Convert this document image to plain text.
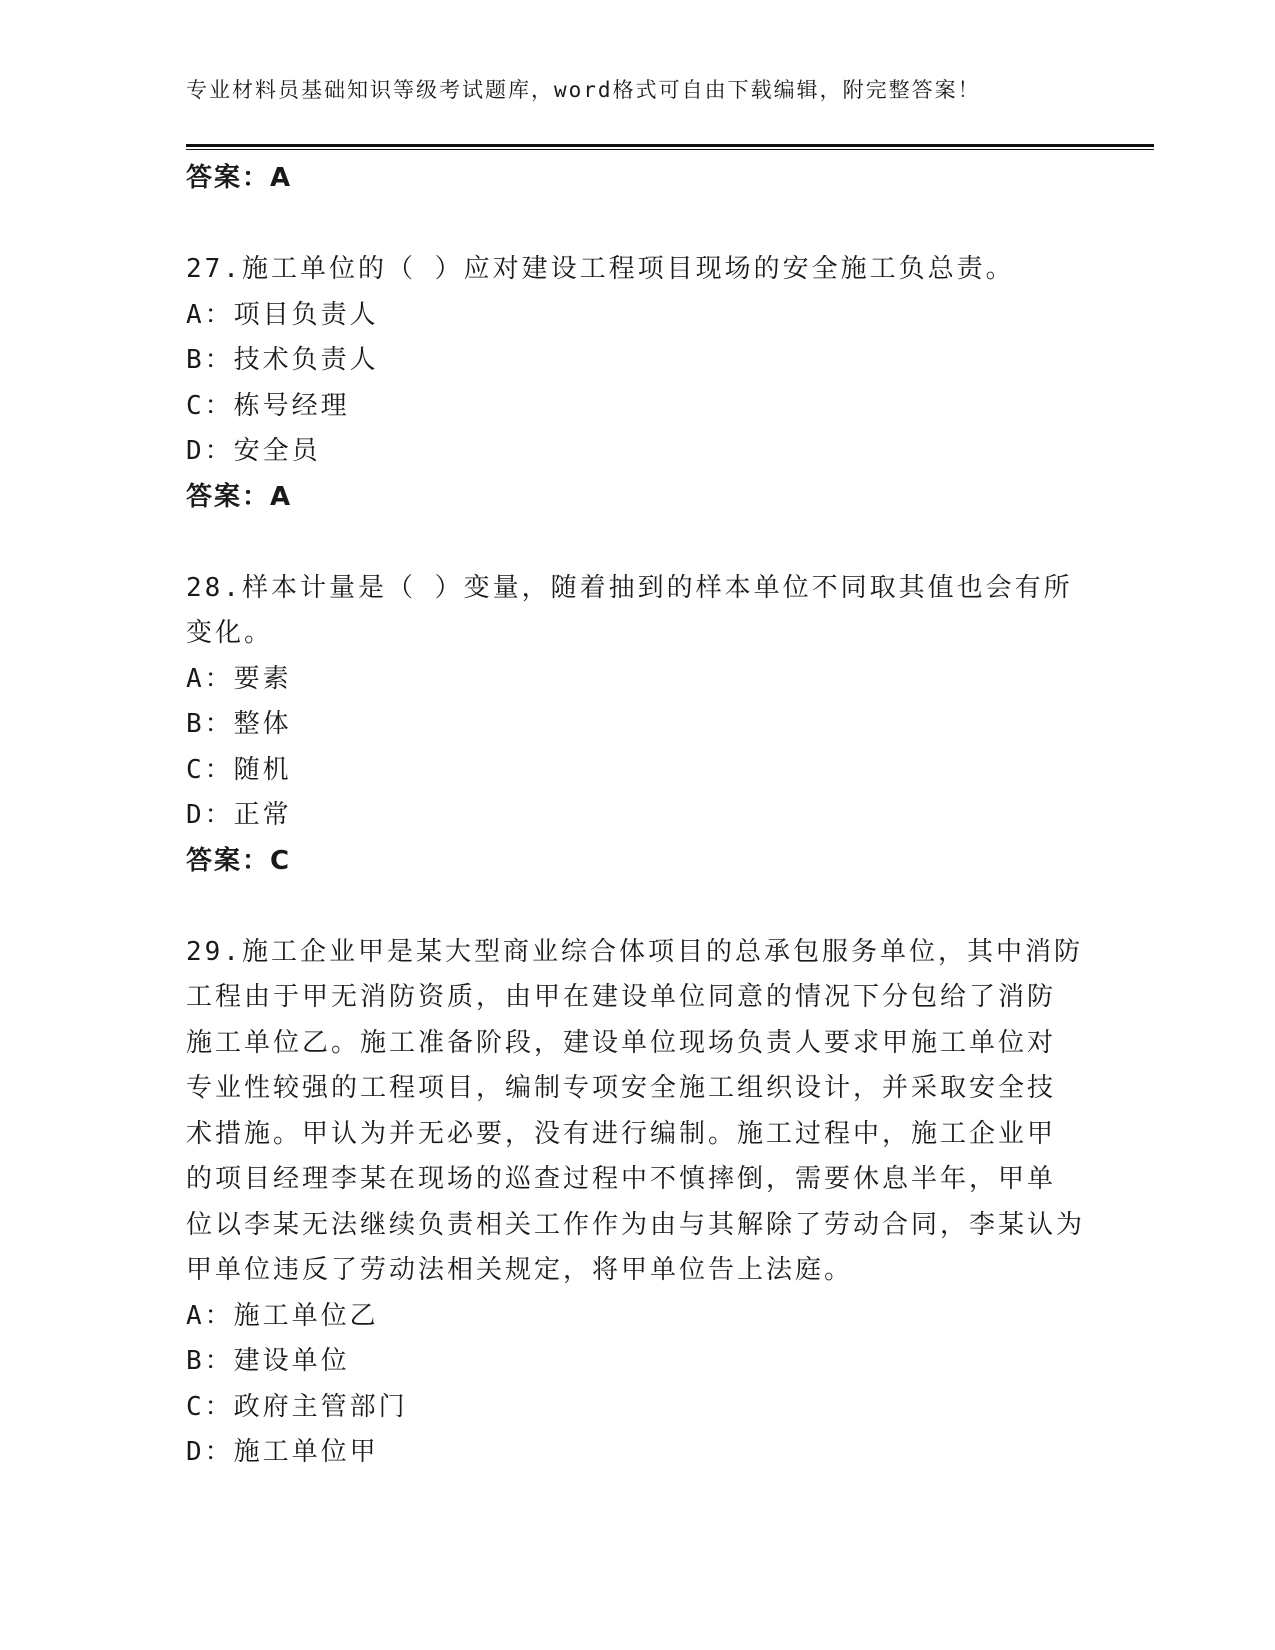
专业材料员基础知识等级考试题库，word格式可自由下载编辑，附完整答案！
答案：A
27.施工单位的（ ）应对建设工程项目现场的安全施工负总责。
A：项目负责人
B：技术负责人
C：栋号经理
D：安全员
答案：A
28.样本计量是（ ）变量，随着抽到的样本单位不同取其值也会有所
变化。
A：要素
B：整体
C：随机
D：正常
答案：C
29.施工企业甲是某大型商业综合体项目的总承包服务单位，其中消防
工程由于甲无消防资质，由甲在建设单位同意的情况下分包给了消防
施工单位乙。施工准备阶段，建设单位现场负责人要求甲施工单位对
专业性较强的工程项目，编制专项安全施工组织设计，并采取安全技
术措施。甲认为并无必要，没有进行编制。施工过程中，施工企业甲
的项目经理李某在现场的巡查过程中不慎摔倒，需要休息半年，甲单
位以李某无法继续负责相关工作作为由与其解除了劳动合同，李某认为
甲单位违反了劳动法相关规定，将甲单位告上法庭。
A：施工单位乙
B：建设单位
C：政府主管部门
D：施工单位甲
